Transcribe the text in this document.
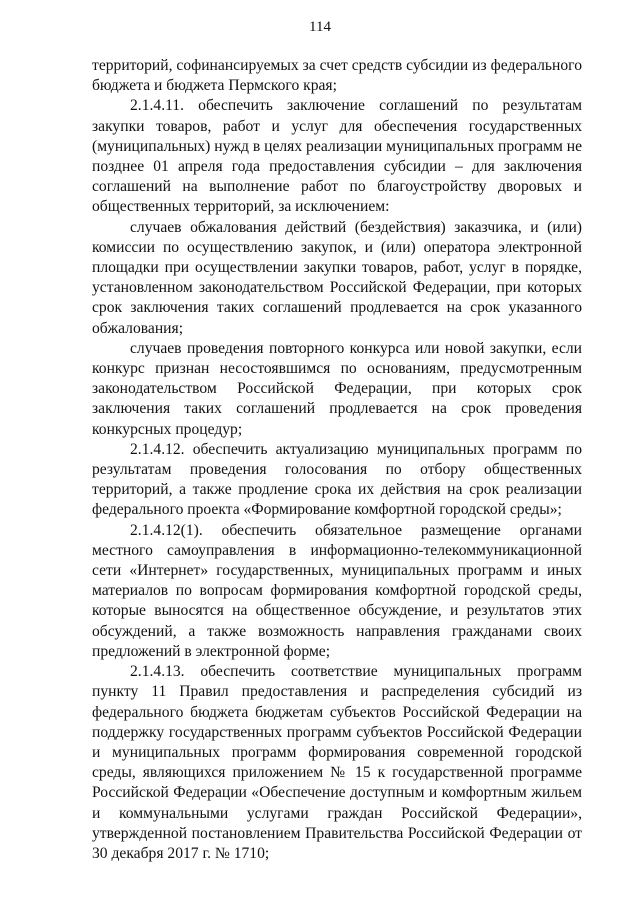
114

территорий, софинансируемых за счет средств субсидии из федерального бюджета и бюджета Пермского края;

2.1.4.11. обеспечить заключение соглашений по результатам закупки товаров, работ и услуг для обеспечения государственных (муниципальных) нужд в целях реализации муниципальных программ не позднее 01 апреля года предоставления субсидии – для заключения соглашений на выполнение работ по благоустройству дворовых и общественных территорий, за исключением:

случаев обжалования действий (бездействия) заказчика, и (или) комиссии по осуществлению закупок, и (или) оператора электронной площадки при осуществлении закупки товаров, работ, услуг в порядке, установленном законодательством Российской Федерации, при которых срок заключения таких соглашений продлевается на срок указанного обжалования;

случаев проведения повторного конкурса или новой закупки, если конкурс признан несостоявшимся по основаниям, предусмотренным законодательством Российской Федерации, при которых срок заключения таких соглашений продлевается на срок проведения конкурсных процедур;

2.1.4.12. обеспечить актуализацию муниципальных программ по результатам проведения голосования по отбору общественных территорий, а также продление срока их действия на срок реализации федерального проекта «Формирование комфортной городской среды»;

2.1.4.12(1). обеспечить обязательное размещение органами местного самоуправления в информационно-телекоммуникационной сети «Интернет» государственных, муниципальных программ и иных материалов по вопросам формирования комфортной городской среды, которые выносятся на общественное обсуждение, и результатов этих обсуждений, а также возможность направления гражданами своих предложений в электронной форме;

2.1.4.13. обеспечить соответствие муниципальных программ пункту 11 Правил предоставления и распределения субсидий из федерального бюджета бюджетам субъектов Российской Федерации на поддержку государственных программ субъектов Российской Федерации и муниципальных программ формирования современной городской среды, являющихся приложением № 15 к государственной программе Российской Федерации «Обеспечение доступным и комфортным жильем и коммунальными услугами граждан Российской Федерации», утвержденной постановлением Правительства Российской Федерации от 30 декабря 2017 г. № 1710;
